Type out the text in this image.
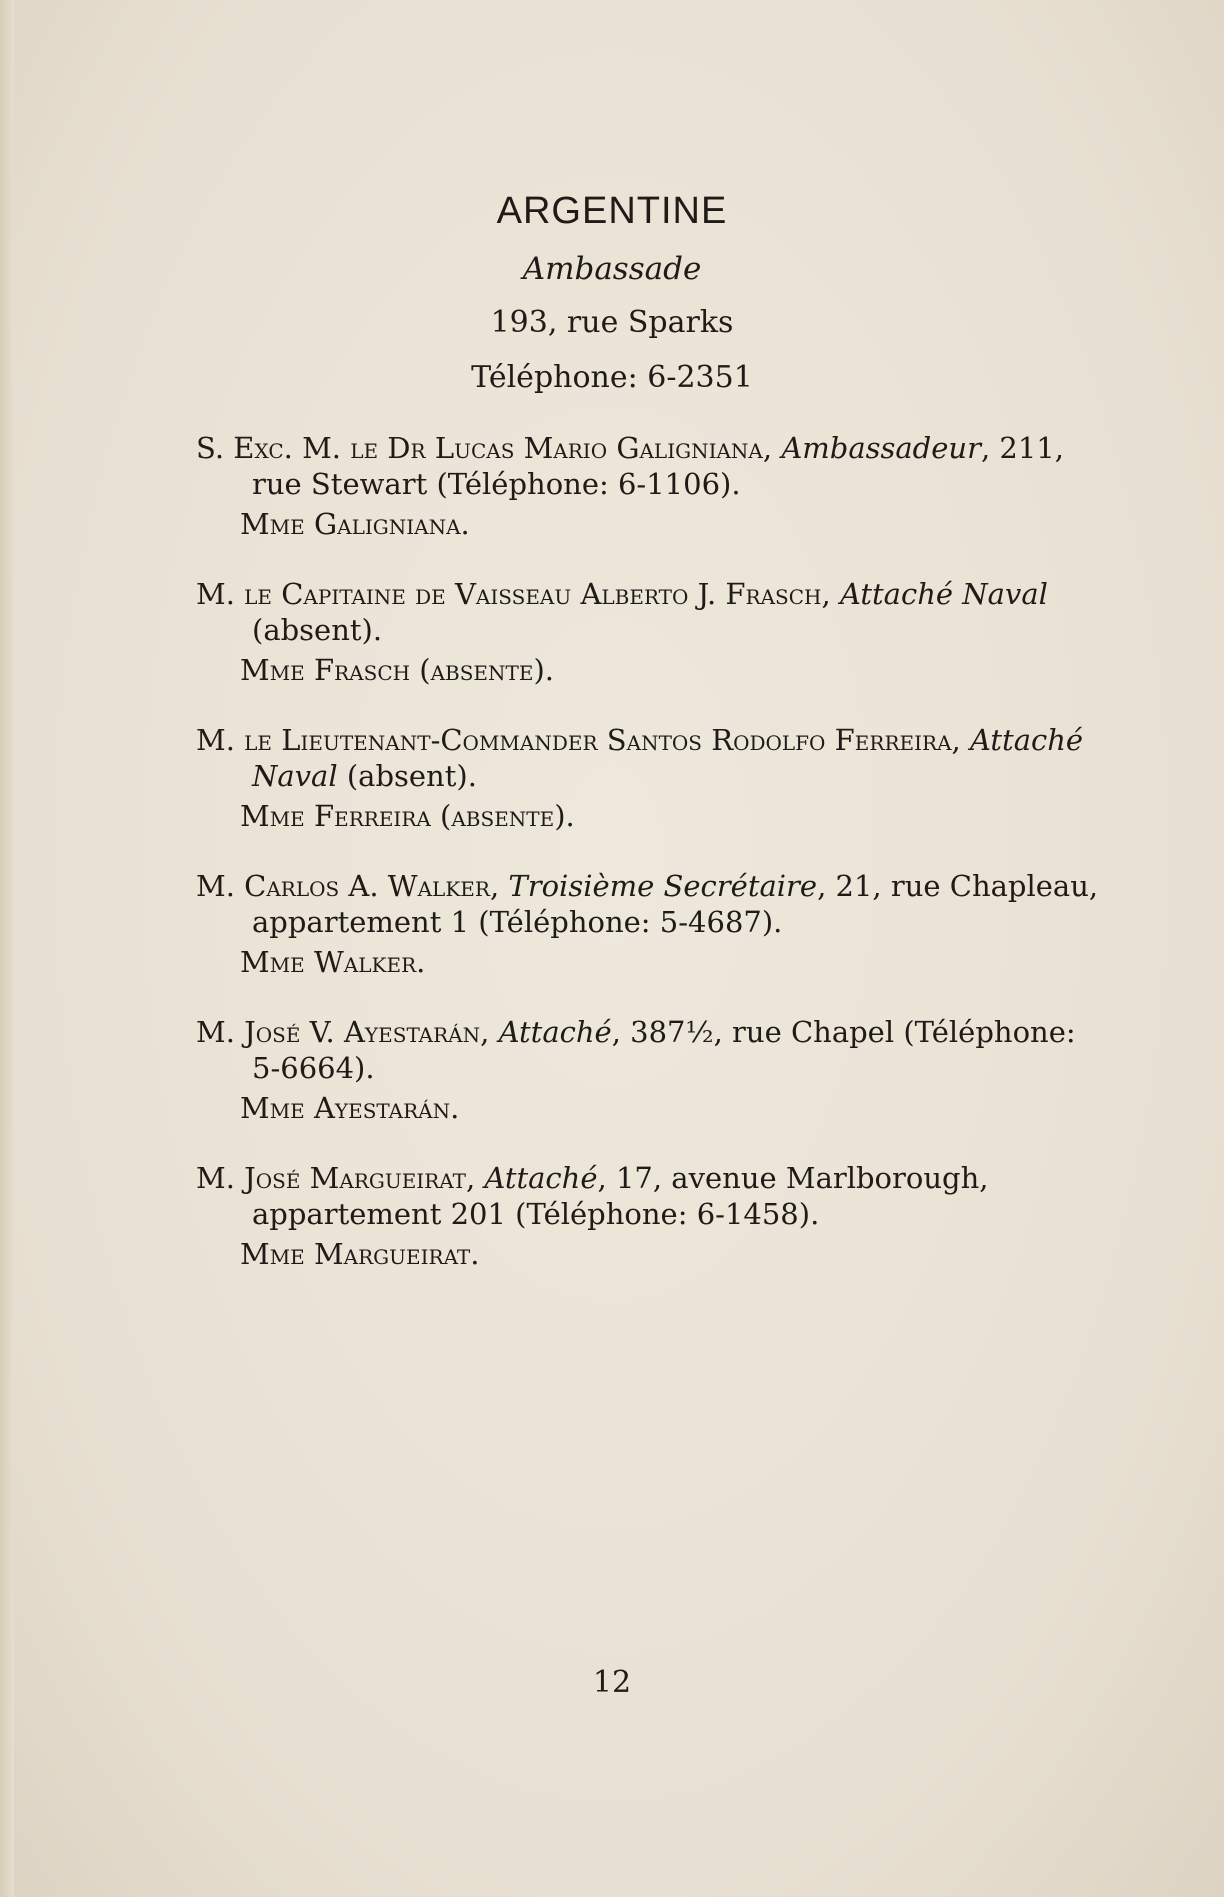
ARGENTINE
Ambassade
193, rue Sparks
Téléphone: 6-2351
S. Exc. M. le Dr Lucas Mario Galigniana, Ambassadeur, 211, rue Stewart (Téléphone: 6-1106).
Mme Galigniana.
M. le Capitaine de Vaisseau Alberto J. Frasch, Attaché Naval (absent).
Mme Frasch (absente).
M. le Lieutenant-Commander Santos Rodolfo Ferreira, Attaché Naval (absent).
Mme Ferreira (absente).
M. Carlos A. Walker, Troisième Secrétaire, 21, rue Chapleau, appartement 1 (Téléphone: 5-4687).
Mme Walker.
M. José V. Ayestarán, Attaché, 387½, rue Chapel (Téléphone: 5-6664).
Mme Ayestarán.
M. José Margueirat, Attaché, 17, avenue Marlborough, appartement 201 (Téléphone: 6-1458).
Mme Margueirat.
12
